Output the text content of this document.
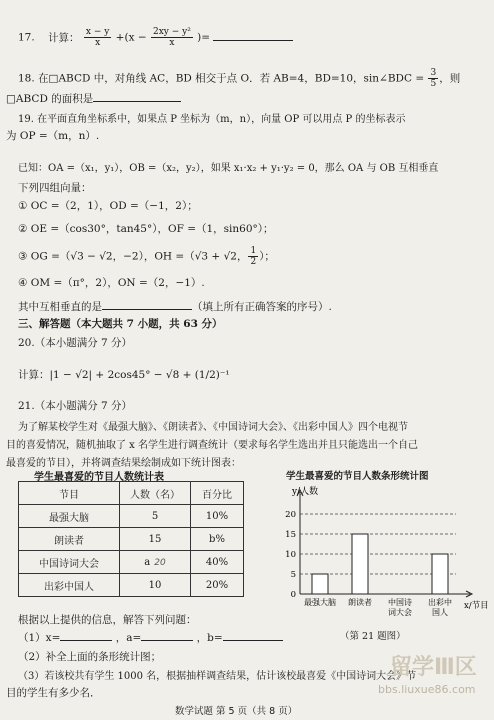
17. 计算： $\frac{x - y}{x} +(x - \frac{\text{2xy − y²}}{x}$ )=
18. 在□ABCD 中，对角线 AC，BD 相交于点 O．若 AB=4，BD=10，sin∠BDC = $\frac{3}{5}$ ，则
□ABCD 的面积是
19. 在平面直角坐标系中，如果点 P 坐标为（m，n），向量 OP 可以用点 P 的坐标表示
为 OP =（m，n）.
已知：OA =（x₁，y₁），OB =（x₂，y₂），如果 x₁·x₂ + y₁·y₂ = 0，那么 OA 与 OB 互相垂直
下列四组向量：
① OC =（2，1），OD =（−1，2）；
② OE =（cos30°，tan45°），OF =（1，sin60°）；
③ OG =（√3 − √2，−2），OH =（√3 + √2， $\frac{1}{2}$ ）；
④ OM =（π°，2），ON =（2，−1）.
其中互相垂直的是	（填上所有正确答案的序号）.
三、解答题（本大题共 7 小题，共 63 分）
20.（本小题满分 7 分）
计算：|1 − √2| + 2cos45° − √8 + (1/2)⁻¹
21.（本小题满分 7 分）
为了解某校学生对《最强大脑》、《朗读者》、《中国诗词大会》、《出彩中国人》四个电视节
目的喜爱情况，随机抽取了 x 名学生进行调查统计（要求每名学生选出并且只能选出一个自己
最喜爱的节目），并将调查结果绘制成如下统计图表：
学生最喜爱的节目人数统计表
节目	人数（名）	百分比
最强大脑	5	10%
朗读者	15	b%
中国诗词大会	a 20	40%
出彩中国人	10	20%
学生最喜爱的节目人数条形统计图
y/人数
x/节目
0
5
10
15
20
最强大脑 朗读者 中国诗词大会
出彩中国人
（第 21 题图）
根据以上提供的信息，解答下列问题：
（1）x=	，a=	，b=
（2）补全上面的条形统计图；
（3）若该校共有学生 1000 名，根据抽样调查结果，估计该校最喜爱《中国诗词大会》节
目的学生有多少名．
数学试题 第 5 页（共 8 页）
留学Ⅲ区
bbs.liuxue86.com
